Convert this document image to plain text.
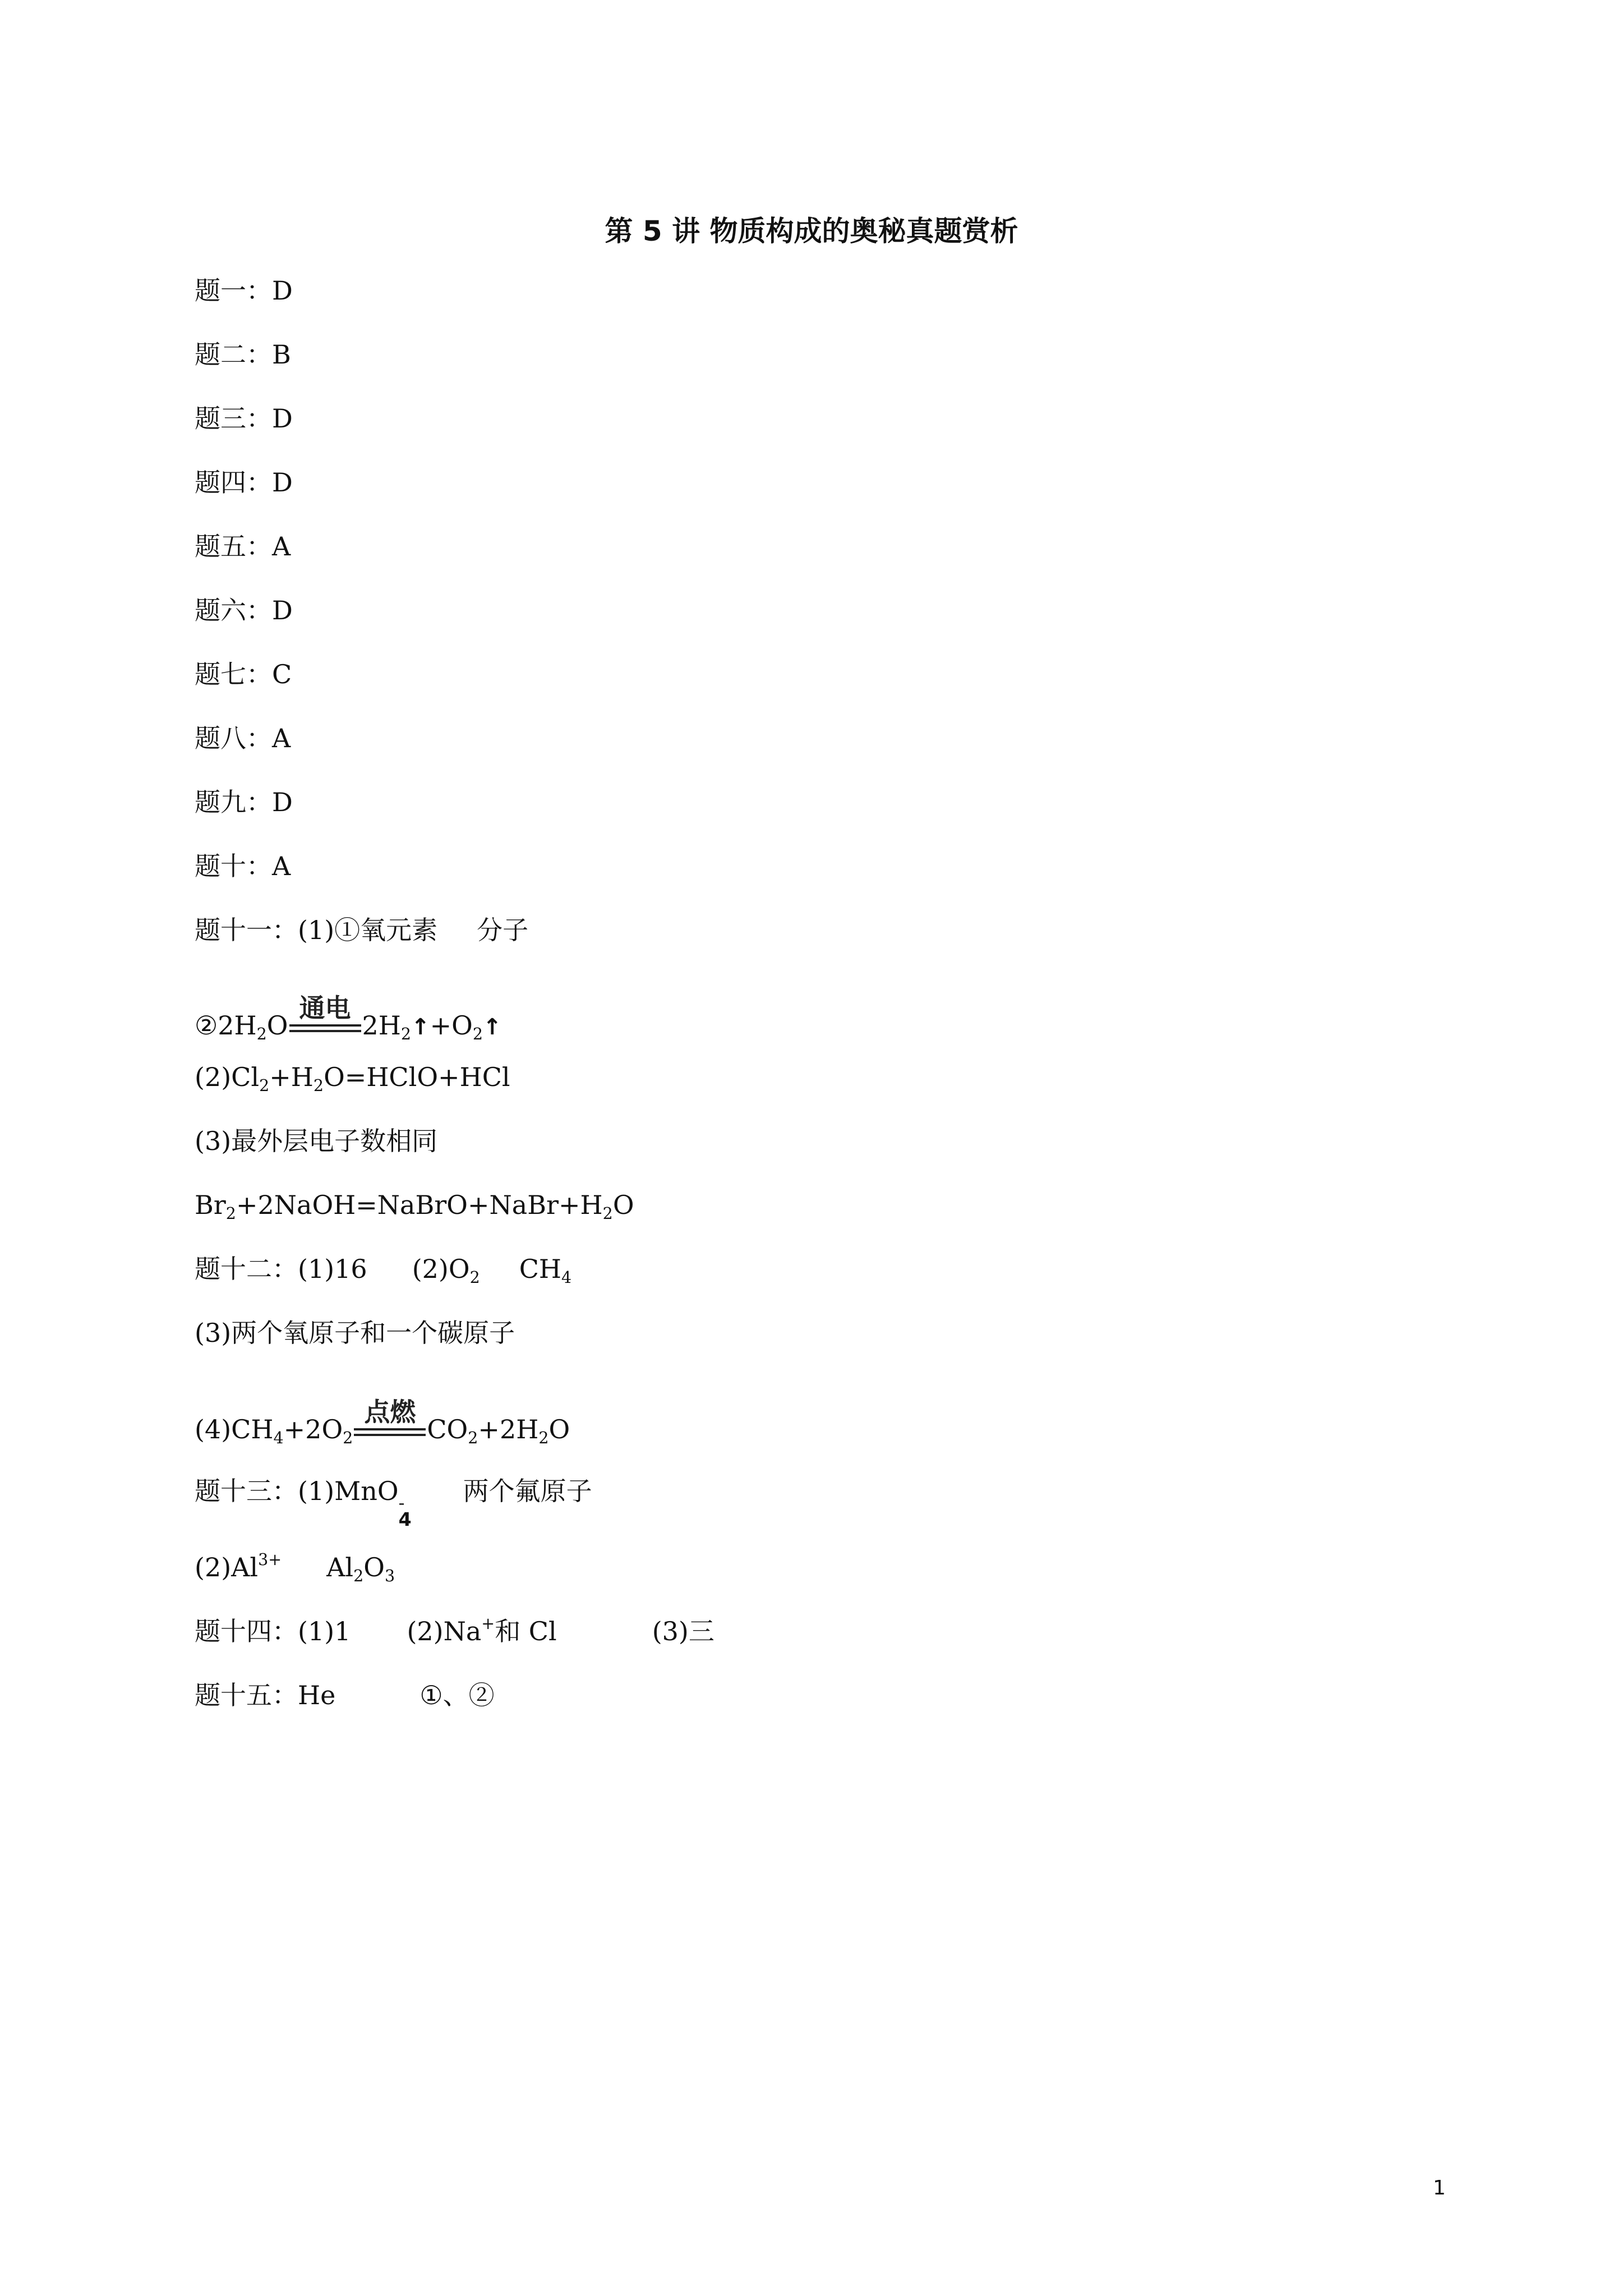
第 5 讲 物质构成的奥秘真题赏析
题一：D
题二：B
题三：D
题四：D
题五：A
题六：D
题七：C
题八：A
题九：D
题十：A
题十一：(1)①氧元素 分子
$②2H_2O$
通电
$2H_2↑+O_2↑$
$(2)Cl_2+H_2O=HClO+HCl$
(3)最外层电子数相同
$Br_2+2NaOH=NaBrO+NaBr+H_2O$
题十二：(1)16 $(2)O_2$ $CH_4$
(3)两个氧原子和一个碳原子
$(4)CH_4+2O_2$
点燃
$CO_2+2H_2O$
题十三：(1)MnO -
4
两个氟原子
$(2)Al^{3+}$ $Al_2O_3$
题十四：(1)1 (2)Na+和 Cl	(3)三
题十五：He	①、②
1
